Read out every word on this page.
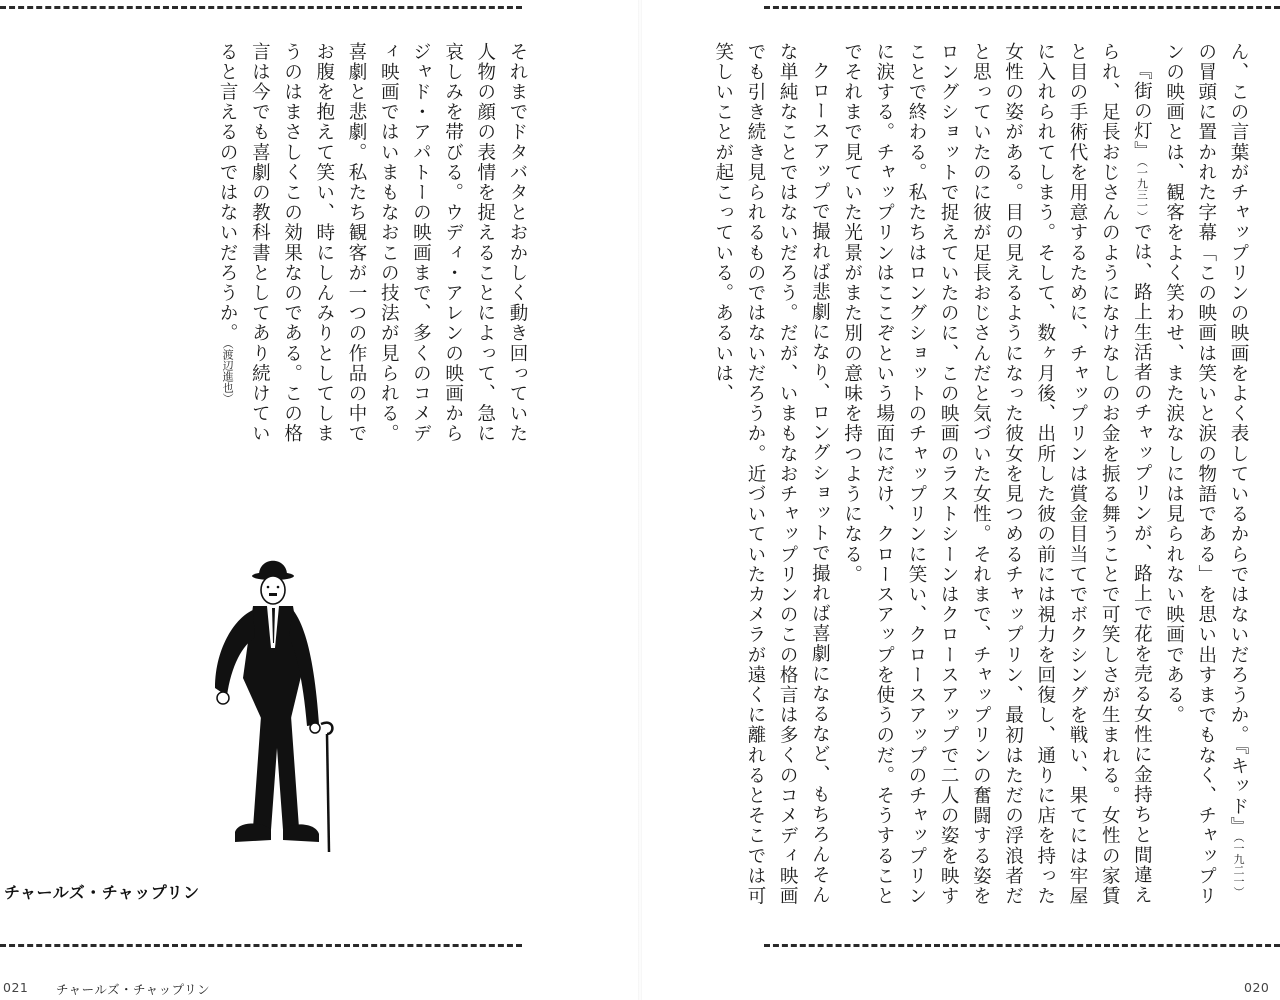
それまでドタバタとおかしく動き回っていた人物の顔の表情を捉えることによって、急に哀しみを帯びる。ウディ・アレンの映画からジャド・アパトーの映画まで、多くのコメディ映画ではいまもなおこの技法が見られる。喜劇と悲劇。私たち観客が一つの作品の中でお腹を抱えて笑い、時にしんみりとしてしまうのはまさしくこの効果なのである。この格言は今でも喜劇の教科書としてあり続けていると言えるのではないだろうか。（渡辺進也）

チャールズ・チャップリン
021 チャールズ・チャップリン

ん、この言葉がチャップリンの映画をよく表しているからではないだろうか。『キッド』（一九二一）の冒頭に置かれた字幕「この映画は笑いと涙の物語である」を思い出すまでもなく、チャップリンの映画とは、観客をよく笑わせ、また涙なしには見られない映画である。

『街の灯』（一九三一）では、路上生活者のチャップリンが、路上で花を売る女性に金持ちと間違えられ、足長おじさんのようになけなしのお金を振る舞うことで可笑しさが生まれる。女性の家賃と目の手術代を用意するために、チャップリンは賞金目当てでボクシングを戦い、果てには牢屋に入れられてしまう。そして、数ヶ月後、出所した彼の前には視力を回復し、通りに店を持った女性の姿がある。目の見えるようになった彼女を見つめるチャップリン、最初はただの浮浪者だと思っていたのに彼が足長おじさんだと気づいた女性。それまで、チャップリンの奮闘する姿をロングショットで捉えていたのに、この映画のラストシーンはクロースアップで二人の姿を映すことで終わる。私たちはロングショットのチャップリンに笑い、クロースアップのチャップリンに涙する。チャップリンはここぞという場面にだけ、クロースアップを使うのだ。そうすることでそれまで見ていた光景がまた別の意味を持つようになる。

クロースアップで撮れば悲劇になり、ロングショットで撮れば喜劇になるなど、もちろんそんな単純なことではないだろう。だが、いまもなおチャップリンのこの格言は多くのコメディ映画でも引き続き見られるものではないだろうか。近づいていたカメラが遠くに離れるとそこでは可笑しいことが起こっている。あるいは、

020
